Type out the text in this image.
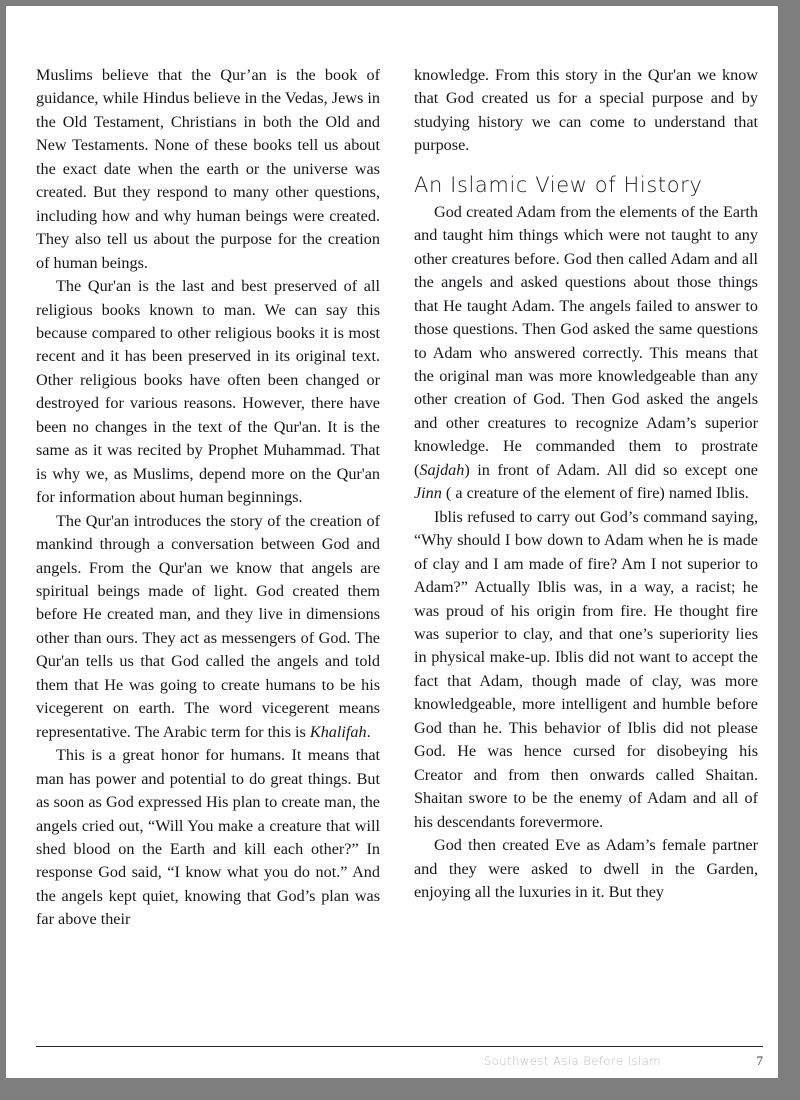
Muslims believe that the Qur’an is the book of guidance, while Hindus believe in the Vedas, Jews in the Old Testament, Christians in both the Old and New Testaments. None of these books tell us about the exact date when the earth or the universe was created. But they respond to many other questions, including how and why human beings were created. They also tell us about the purpose for the creation of human beings.

The Qur'an is the last and best preserved of all religious books known to man. We can say this because compared to other religious books it is most recent and it has been preserved in its original text. Other religious books have often been changed or destroyed for various reasons. However, there have been no changes in the text of the Qur'an. It is the same as it was recited by Prophet Muhammad. That is why we, as Muslims, depend more on the Qur'an for information about human beginnings.

The Qur'an introduces the story of the creation of mankind through a conversation between God and angels. From the Qur'an we know that angels are spiritual beings made of light. God created them before He created man, and they live in dimensions other than ours. They act as messengers of God. The Qur'an tells us that God called the angels and told them that He was going to create humans to be his vicegerent on earth. The word vicegerent means representative. The Arabic term for this is Khalifah.

This is a great honor for humans. It means that man has power and potential to do great things. But as soon as God expressed His plan to create man, the angels cried out, “Will You make a creature that will shed blood on the Earth and kill each other?” In response God said, “I know what you do not.” And the angels kept quiet, knowing that God’s plan was far above their

knowledge. From this story in the Qur'an we know that God created us for a special purpose and by studying history we can come to understand that purpose.

An Islamic View of History

God created Adam from the elements of the Earth and taught him things which were not taught to any other creatures before. God then called Adam and all the angels and asked questions about those things that He taught Adam. The angels failed to answer to those questions. Then God asked the same questions to Adam who answered correctly. This means that the original man was more knowledgeable than any other creation of God. Then God asked the angels and other creatures to recognize Adam’s superior knowledge. He commanded them to prostrate (Sajdah) in front of Adam. All did so except one Jinn ( a creature of the element of fire) named Iblis.

Iblis refused to carry out God’s command saying, “Why should I bow down to Adam when he is made of clay and I am made of fire? Am I not superior to Adam?” Actually Iblis was, in a way, a racist; he was proud of his origin from fire. He thought fire was superior to clay, and that one’s superiority lies in physical make-up. Iblis did not want to accept the fact that Adam, though made of clay, was more knowledgeable, more intelligent and humble before God than he. This behavior of Iblis did not please God. He was hence cursed for disobeying his Creator and from then onwards called Shaitan. Shaitan swore to be the enemy of Adam and all of his descendants forevermore.

God then created Eve as Adam’s female partner and they were asked to dwell in the Garden, enjoying all the luxuries in it. But they

Southwest Asia Before Islam	7
